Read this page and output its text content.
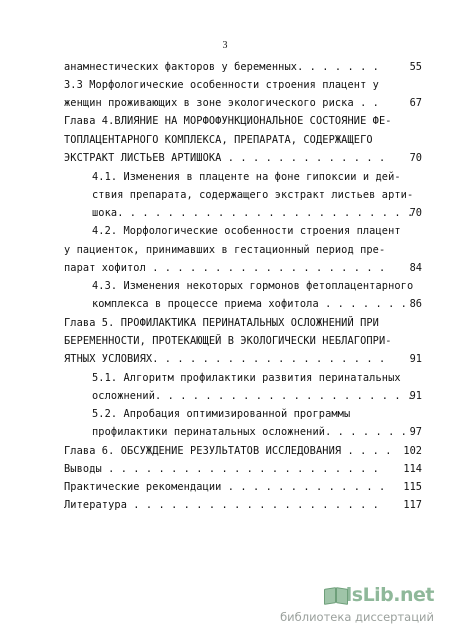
3
анамнестических факторов у беременных. . . . . . .
3.3 Морфологические особенности строения плацент у
женщин проживающих в зоне экологического риска . .
Глава 4.ВЛИЯНИЕ НА МОРФОФУНКЦИОНАЛЬНОЕ СОСТОЯНИЕ ФЕ-
ТОПЛАЦЕНТАРНОГО КОМПЛЕКСА, ПРЕПАРАТА, СОДЕРЖАЩЕГО
ЭКСТРАКТ ЛИСТЬЕВ АРТИШОКА . . . . . . . . . . . . .
4.1. Изменения в плаценте на фоне гипоксии и дей-
ствия препарата, содержащего экстракт листьев арти-
шока. . . . . . . . . . . . . . . . . . . . . . . .
4.2. Морфологические особенности строения плацент
у пациенток, принимавших в гестационный период пре-
парат хофитол . . . . . . . . . . . . . . . . . . .
4.3. Изменения некоторых гормонов фетоплацентарного
комплекса в процессе приема хофитола . . . . . . .
Глава 5. ПРОФИЛАКТИКА ПЕРИНАТАЛЬНЫХ ОСЛОЖНЕНИЙ ПРИ
БЕРЕМЕННОСТИ, ПРОТЕКАЮЩЕЙ В ЭКОЛОГИЧЕСКИ НЕБЛАГОПРИ-
ЯТНЫХ УСЛОВИЯХ. . . . . . . . . . . . . . . . . . .
5.1. Алгоритм профилактики развития перинатальных
осложнений. . . . . . . . . . . . . . . . . . . . .
5.2. Апробация оптимизированной программы
профилактики перинатальных осложнений. . . . . . .
Глава 6. ОБСУЖДЕНИЕ РЕЗУЛЬТАТОВ ИССЛЕДОВАНИЯ . . . .
Выводы . . . . . . . . . . . . . . . . . . . . . .
Практические рекомендации . . . . . . . . . . . . .
Литература . . . . . . . . . . . . . . . . . . . .
55
67
70
70
84
86
91
91
97
102
114
115
117
dsLib.net
библиотека диссертаций
